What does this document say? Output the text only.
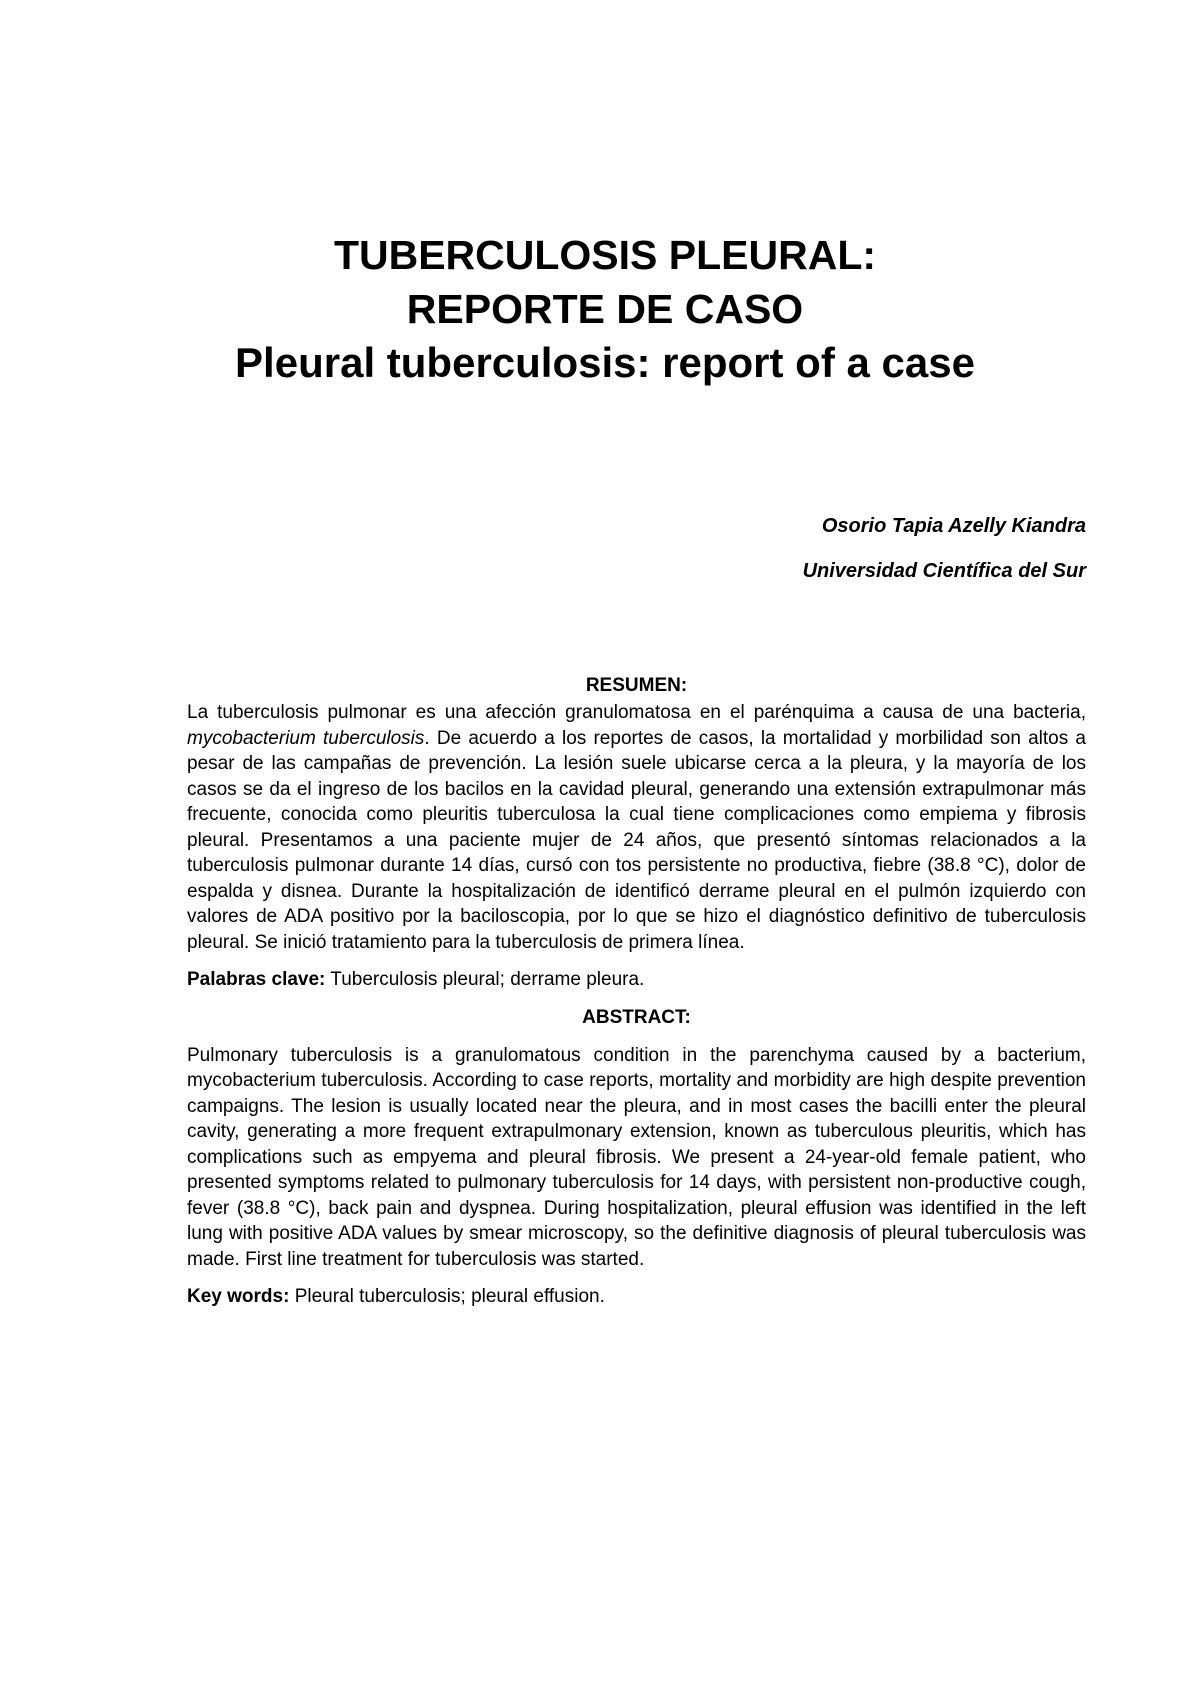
TUBERCULOSIS PLEURAL:
REPORTE DE CASO
Pleural tuberculosis: report of a case
Osorio Tapia Azelly Kiandra
Universidad Científica del Sur

RESUMEN:

La tuberculosis pulmonar es una afección granulomatosa en el parénquima a causa de una bacteria, mycobacterium tuberculosis. De acuerdo a los reportes de casos, la mortalidad y morbilidad son altos a pesar de las campañas de prevención. La lesión suele ubicarse cerca a la pleura, y la mayoría de los casos se da el ingreso de los bacilos en la cavidad pleural, generando una extensión extrapulmonar más frecuente, conocida como pleuritis tuberculosa la cual tiene complicaciones como empiema y fibrosis pleural. Presentamos a una paciente mujer de 24 años, que presentó síntomas relacionados a la tuberculosis pulmonar durante 14 días, cursó con tos persistente no productiva, fiebre (38.8 °C), dolor de espalda y disnea. Durante la hospitalización de identificó derrame pleural en el pulmón izquierdo con valores de ADA positivo por la baciloscopia, por lo que se hizo el diagnóstico definitivo de tuberculosis pleural. Se inició tratamiento para la tuberculosis de primera línea.

Palabras clave: Tuberculosis pleural; derrame pleura.

ABSTRACT:

Pulmonary tuberculosis is a granulomatous condition in the parenchyma caused by a bacterium, mycobacterium tuberculosis. According to case reports, mortality and morbidity are high despite prevention campaigns. The lesion is usually located near the pleura, and in most cases the bacilli enter the pleural cavity, generating a more frequent extrapulmonary extension, known as tuberculous pleuritis, which has complications such as empyema and pleural fibrosis. We present a 24-year-old female patient, who presented symptoms related to pulmonary tuberculosis for 14 days, with persistent non-productive cough, fever (38.8 °C), back pain and dyspnea. During hospitalization, pleural effusion was identified in the left lung with positive ADA values by smear microscopy, so the definitive diagnosis of pleural tuberculosis was made. First line treatment for tuberculosis was started.

Key words: Pleural tuberculosis; pleural effusion.
